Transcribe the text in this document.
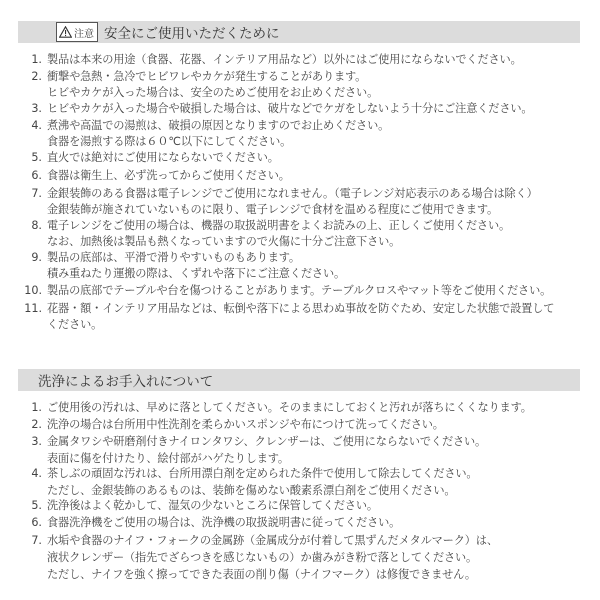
注意 安全にご使用いただくために
1. 製品は本来の用途（食器、花器、インテリア用品など）以外にはご使用にならないでください。
2. 衝撃や急熱・急冷でヒビワレやカケが発生することがあります。
ヒビやカケが入った場合は、安全のためご使用をお止めください。
3. ヒビやカケが入った場合や破損した場合は、破片などでケガをしないよう十分にご注意ください。
4. 煮沸や高温での湯煎は、破損の原因となりますのでお止めください。
食器を湯煎する際は６０℃以下にしてください。
5. 直火では絶対にご使用にならないでください。
6. 食器は衛生上、必ず洗ってからご使用ください。
7. 金銀装飾のある食器は電子レンジでご使用になれません。（電子レンジ対応表示のある場合は除く）
金銀装飾が施されていないものに限り、電子レンジで食材を温める程度にご使用できます。
8. 電子レンジをご使用の場合は、機器の取扱説明書をよくお読みの上、正しくご使用ください。
なお、加熱後は製品も熱くなっていますので火傷に十分ご注意下さい。
9. 製品の底部は、平滑で滑りやすいものもあります。
積み重ねたり運搬の際は、くずれや落下にご注意ください。
10. 製品の底部でテーブルや台を傷つけることがあります。テーブルクロスやマット等をご使用ください。
11. 花器・額・インテリア用品などは、転倒や落下による思わぬ事故を防ぐため、安定した状態で設置して
ください。
洗浄によるお手入れについて
1. ご使用後の汚れは、早めに落としてください。そのままにしておくと汚れが落ちにくくなります。
2. 洗浄の場合は台所用中性洗剤を柔らかいスポンジや布につけて洗ってください。
3. 金属タワシや研磨剤付きナイロンタワシ、クレンザーは、ご使用にならないでください。
表面に傷を付けたり、絵付部がハゲたりします。
4. 茶しぶの頑固な汚れは、台所用漂白剤を定められた条件で使用して除去してください。
ただし、金銀装飾のあるものは、装飾を傷めない酸素系漂白剤をご使用ください。
5. 洗浄後はよく乾かして、湿気の少ないところに保管してください。
6. 食器洗浄機をご使用の場合は、洗浄機の取扱説明書に従ってください。
7. 水垢や食器のナイフ・フォークの金属跡（金属成分が付着して黒ずんだメタルマーク）は、
液状クレンザー（指先でざらつきを感じないもの）か歯みがき粉で落としてください。
ただし、ナイフを強く擦ってできた表面の削り傷（ナイフマーク）は修復できません。
